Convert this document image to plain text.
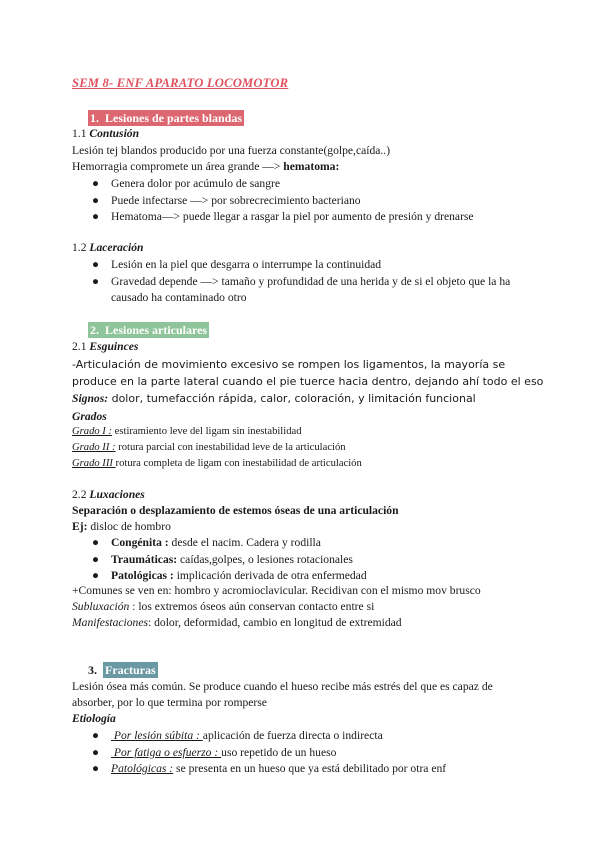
SEM 8- ENF APARATO LOCOMOTOR
1. Lesiones de partes blandas
1.1 Contusión
Lesión tej blandos producido por una fuerza constante(golpe,caída..)
Hemorragia compromete un área grande —> hematoma:
● Genera dolor por acúmulo de sangre
● Puede infectarse —> por sobrecrecimiento bacteriano
● Hematoma—> puede llegar a rasgar la piel por aumento de presión y drenarse
1.2 Laceración
● Lesión en la piel que desgarra o interrumpe la continuidad
● Gravedad depende —> tamaño y profundidad de una herida y de si el objeto que la ha
causado ha contaminado otro
2. Lesiones articulares
2.1 Esguinces
-Articulación de movimiento excesivo se rompen los ligamentos, la mayoría se
produce en la parte lateral cuando el pie tuerce hacia dentro, dejando ahí todo el eso
Signos: dolor, tumefacción rápida, calor, coloración, y limitación funcional
Grados
Grado I : estiramiento leve del ligam sin inestabilidad
Grado II : rotura parcial con inestabilidad leve de la articulación
Grado III rotura completa de ligam con inestabilidad de articulación
2.2 Luxaciones
Separación o desplazamiento de estemos óseas de una articulación
Ej: disloc de hombro
● Congénita : desde el nacim. Cadera y rodilla
● Traumáticas: caídas,golpes, o lesiones rotacionales
● Patológicas : implicación derivada de otra enfermedad
+Comunes se ven en: hombro y acromioclavicular. Recidivan con el mismo mov brusco
Subluxación : los extremos óseos aún conservan contacto entre si
Manifestaciones: dolor, deformidad, cambio en longitud de extremidad
3. Fracturas
Lesión ósea más común. Se produce cuando el hueso recibe más estrés del que es capaz de
absorber, por lo que termina por romperse
Etiología
● Por lesión súbita : aplicación de fuerza directa o indirecta
● Por fatiga o esfuerzo : uso repetido de un hueso
● Patológicas : se presenta en un hueso que ya está debilitado por otra enf
